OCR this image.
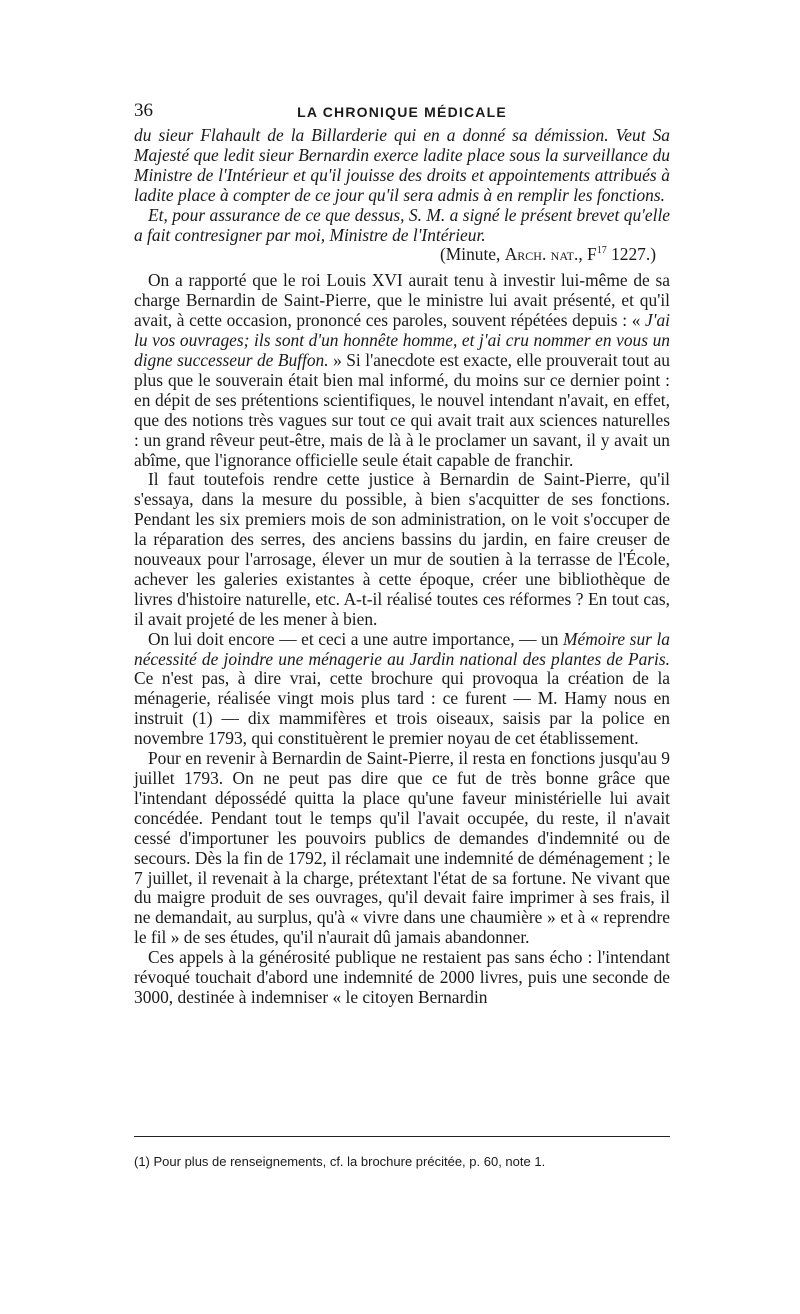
36	LA CHRONIQUE MÉDICALE

du sieur Flahault de la Billarderie qui en a donné sa démission. Veut Sa Majesté que ledit sieur Bernardin exerce ladite place sous la surveillance du Ministre de l'Intérieur et qu'il jouisse des droits et appointements attribués à ladite place à compter de ce jour qu'il sera admis à en remplir les fonctions.

Et, pour assurance de ce que dessus, S. M. a signé le présent brevet qu'elle a fait contresigner par moi, Ministre de l'Intérieur.

(Minute, Arch. nat., $F^{17}$ 1227.)

On a rapporté que le roi Louis XVI aurait tenu à investir lui-même de sa charge Bernardin de Saint-Pierre, que le ministre lui avait présenté, et qu'il avait, à cette occasion, prononcé ces paroles, souvent répétées depuis : « J'ai lu vos ouvrages; ils sont d'un honnête homme, et j'ai cru nommer en vous un digne successeur de Buffon. » Si l'anecdote est exacte, elle prouverait tout au plus que le souverain était bien mal informé, du moins sur ce dernier point : en dépit de ses prétentions scientifiques, le nouvel intendant n'avait, en effet, que des notions très vagues sur tout ce qui avait trait aux sciences naturelles : un grand rêveur peut-être, mais de là à le proclamer un savant, il y avait un abîme, que l'ignorance officielle seule était capable de franchir.

Il faut toutefois rendre cette justice à Bernardin de Saint-Pierre, qu'il s'essaya, dans la mesure du possible, à bien s'acquitter de ses fonctions. Pendant les six premiers mois de son administration, on le voit s'occuper de la réparation des serres, des anciens bassins du jardin, en faire creuser de nouveaux pour l'arrosage, élever un mur de soutien à la terrasse de l'École, achever les galeries existantes à cette époque, créer une bibliothèque de livres d'histoire naturelle, etc. A-t-il réalisé toutes ces réformes ? En tout cas, il avait projeté de les mener à bien.

On lui doit encore — et ceci a une autre importance, — un Mémoire sur la nécessité de joindre une ménagerie au Jardin national des plantes de Paris. Ce n'est pas, à dire vrai, cette brochure qui provoqua la création de la ménagerie, réalisée vingt mois plus tard : ce furent — M. Hamy nous en instruit (1) — dix mammifères et trois oiseaux, saisis par la police en novembre 1793, qui constituèrent le premier noyau de cet établissement.

Pour en revenir à Bernardin de Saint-Pierre, il resta en fonctions jusqu'au 9 juillet 1793. On ne peut pas dire que ce fut de très bonne grâce que l'intendant dépossédé quitta la place qu'une faveur ministérielle lui avait concédée. Pendant tout le temps qu'il l'avait occupée, du reste, il n'avait cessé d'importuner les pouvoirs publics de demandes d'indemnité ou de secours. Dès la fin de 1792, il réclamait une indemnité de déménagement ; le 7 juillet, il revenait à la charge, prétextant l'état de sa fortune. Ne vivant que du maigre produit de ses ouvrages, qu'il devait faire imprimer à ses frais, il ne demandait, au surplus, qu'à « vivre dans une chaumière » et à « reprendre le fil » de ses études, qu'il n'aurait dû jamais abandonner.

Ces appels à la générosité publique ne restaient pas sans écho : l'intendant révoqué touchait d'abord une indemnité de 2000 livres, puis une seconde de 3000, destinée à indemniser « le citoyen Bernardin

(1) Pour plus de renseignements, cf. la brochure précitée, p. 60, note 1.
